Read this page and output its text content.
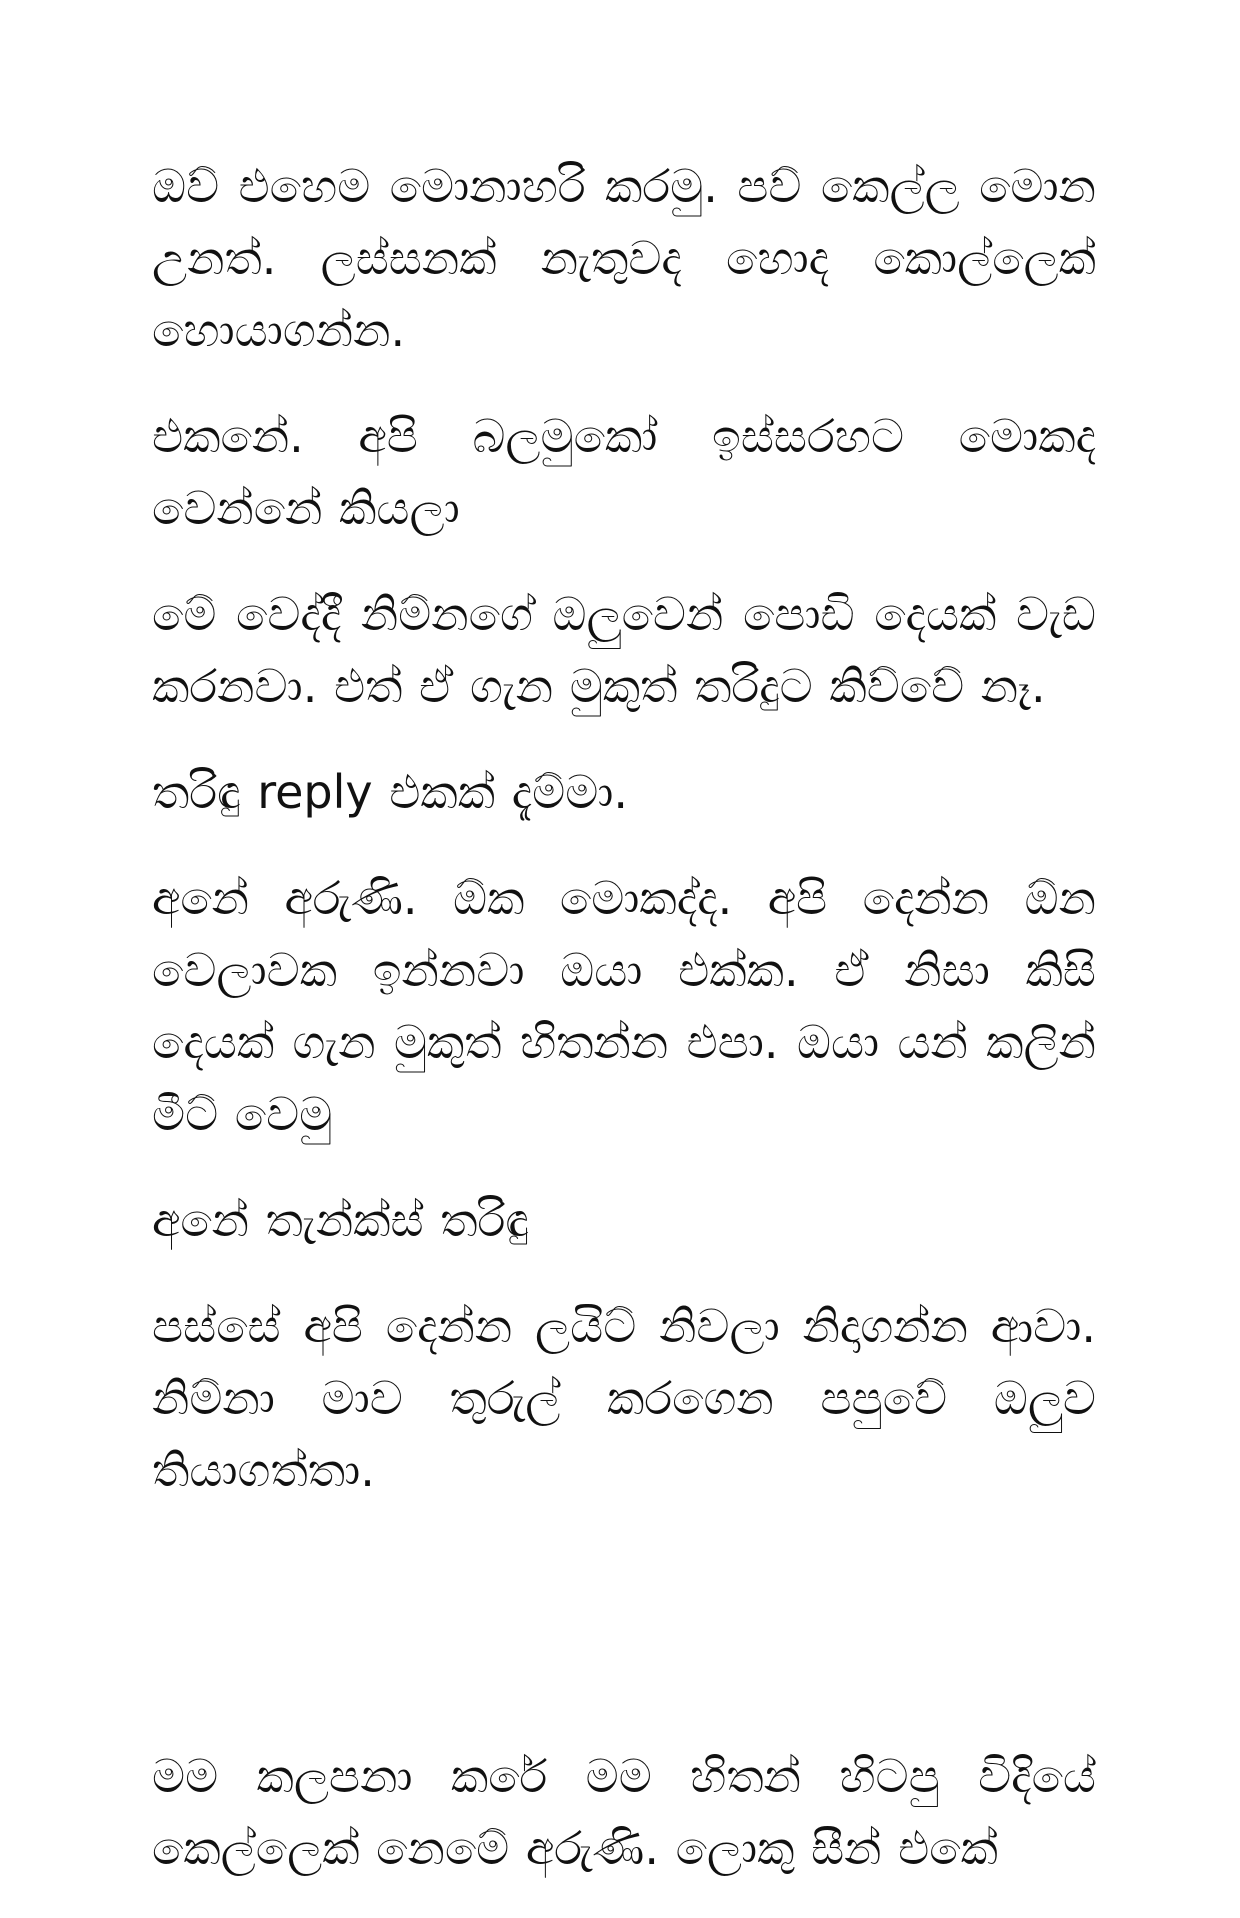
ඔව් එහෙම මොනාහරි කරමු. පව් කෙල්ල මොන උනත්. ලස්සනක් නැතුවද හොද කොල්ලෙක් හොයාගන්න.

එකනේ. අපි බලමුකෝ ඉස්සරහට මොකද වෙන්නේ කියලා

මේ වෙද්දී නිම්නගේ ඔලුවෙන් පොඩි දෙයක් වැඩ කරනවා. එත් ඒ ගැන මුකුත් තරිදුට කිව්වේ නෑ.

තරිඳු reply එකක් දැම්මා.

අනේ අරුණි. ඕක මොකද්ද. අපි දෙන්න ඕන වෙලාවක ඉන්නවා ඔයා එක්ක. ඒ නිසා කිසි දෙයක් ගැන මුකුත් හිතන්න එපා. ඔයා යන් කලින් මීට් වෙමු

අනේ තැන්ක්ස් තරිඳු

පස්සේ අපි දෙන්න ලයිට් නිවලා නිදාගන්න ආවා. නිම්නා මාව තුරුල් කරගෙන පපුවේ ඔලුව තියාගත්තා.

මම කලපනා කරේ මම හිතන් හිටපු විදියේ කෙල්ලෙක් නෙමේ අරුණි. ලොකු සීන් එකේ
